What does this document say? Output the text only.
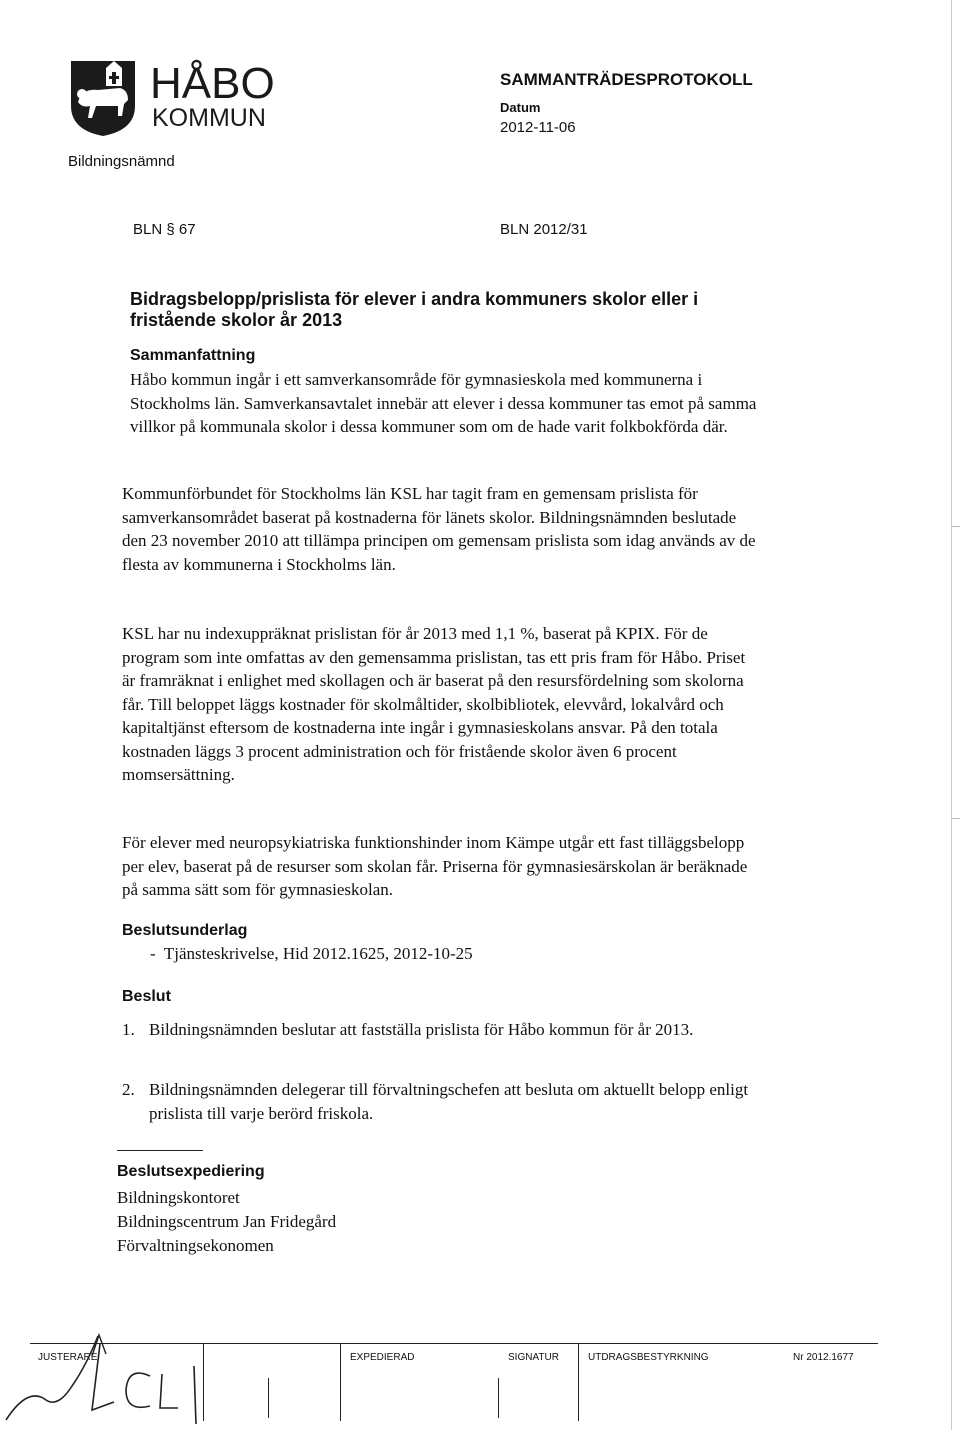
HÅBO
KOMMUN
Bildningsnämnd
SAMMANTRÄDESPROTOKOLL
Datum
2012-11-06
BLN § 67	BLN 2012/31
Bidragsbelopp/prislista för elever i andra kommuners skolor eller i fristående skolor år 2013
Sammanfattning
Håbo kommun ingår i ett samverkansområde för gymnasieskola med kommunerna i Stockholms län. Samverkansavtalet innebär att elever i dessa kommuner tas emot på samma villkor på kommunala skolor i dessa kommuner som om de hade varit folkbokförda där.
Kommunförbundet för Stockholms län KSL har tagit fram en gemensam prislista för samverkansområdet baserat på kostnaderna för länets skolor. Bildningsnämnden beslutade den 23 november 2010 att tillämpa principen om gemensam prislista som idag används av de flesta av kommunerna i Stockholms län.
KSL har nu indexuppräknat prislistan för år 2013 med 1,1 %, baserat på KPIX. För de program som inte omfattas av den gemensamma prislistan, tas ett pris fram för Håbo. Priset är framräknat i enlighet med skollagen och är baserat på den resursfördelning som skolorna får. Till beloppet läggs kostnader för skolmåltider, skolbibliotek, elevvård, lokalvård och kapitaltjänst eftersom de kostnaderna inte ingår i gymnasieskolans ansvar. På den totala kostnaden läggs 3 procent administration och för fristående skolor även 6 procent momsersättning.
För elever med neuropsykiatriska funktionshinder inom Kämpe utgår ett fast tilläggsbelopp per elev, baserat på de resurser som skolan får. Priserna för gymnasiesärskolan är beräknade på samma sätt som för gymnasieskolan.
Beslutsunderlag
-  Tjänsteskrivelse, Hid 2012.1625, 2012-10-25
Beslut
1. Bildningsnämnden beslutar att fastställa prislista för Håbo kommun för år 2013.
2. Bildningsnämnden delegerar till förvaltningschefen att besluta om aktuellt belopp enligt prislista till varje berörd friskola.
Beslutsexpediering
Bildningskontoret
Bildningscentrum Jan Fridegård
Förvaltningsekonomen
JUSTERARE	EXPEDIERAD	SIGNATUR	UTDRAGSBESTYRKNING	Nr 2012.1677
